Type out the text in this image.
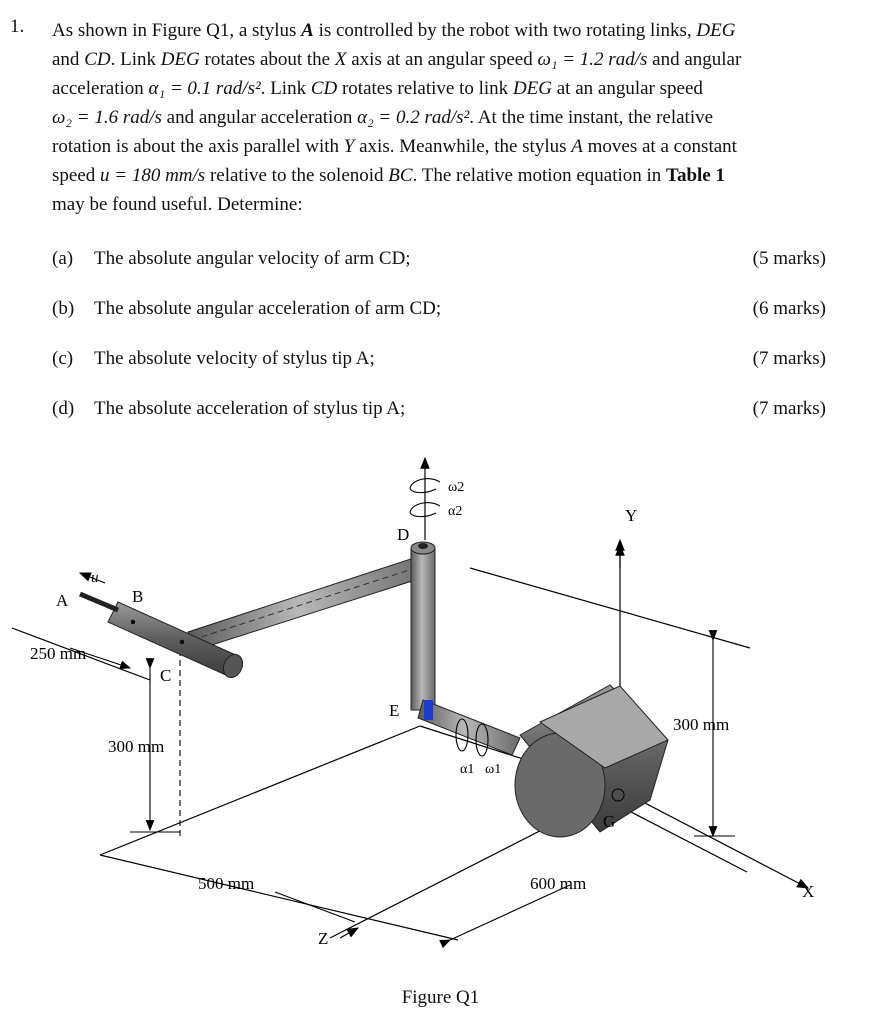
1. As shown in Figure Q1, a stylus A is controlled by the robot with two rotating links, DEG
and CD. Link DEG rotates about the X axis at an angular speed ω₁ = 1.2 rad/s and angular
acceleration α₁ = 0.1 rad/s². Link CD rotates relative to link DEG at an angular speed
ω₂ = 1.6 rad/s and angular acceleration α₂ = 0.2 rad/s². At the time instant, the relative
rotation is about the axis parallel with Y axis. Meanwhile, the stylus A moves at a constant
speed u = 180 mm/s relative to the solenoid BC. The relative motion equation in Table 1
may be found useful. Determine:
(a) The absolute angular velocity of arm CD;	(5 marks)
(b) The absolute angular acceleration of arm CD;	(6 marks)
(c) The absolute velocity of stylus tip A;	(7 marks)
(d) The absolute acceleration of stylus tip A;	(7 marks)
A	B
C
D
E
G
u
X
Y
Z
ω2
α2
α1 ω1
250 mm
300 mm
300 mm
500 mm	600 mm
Figure Q1
